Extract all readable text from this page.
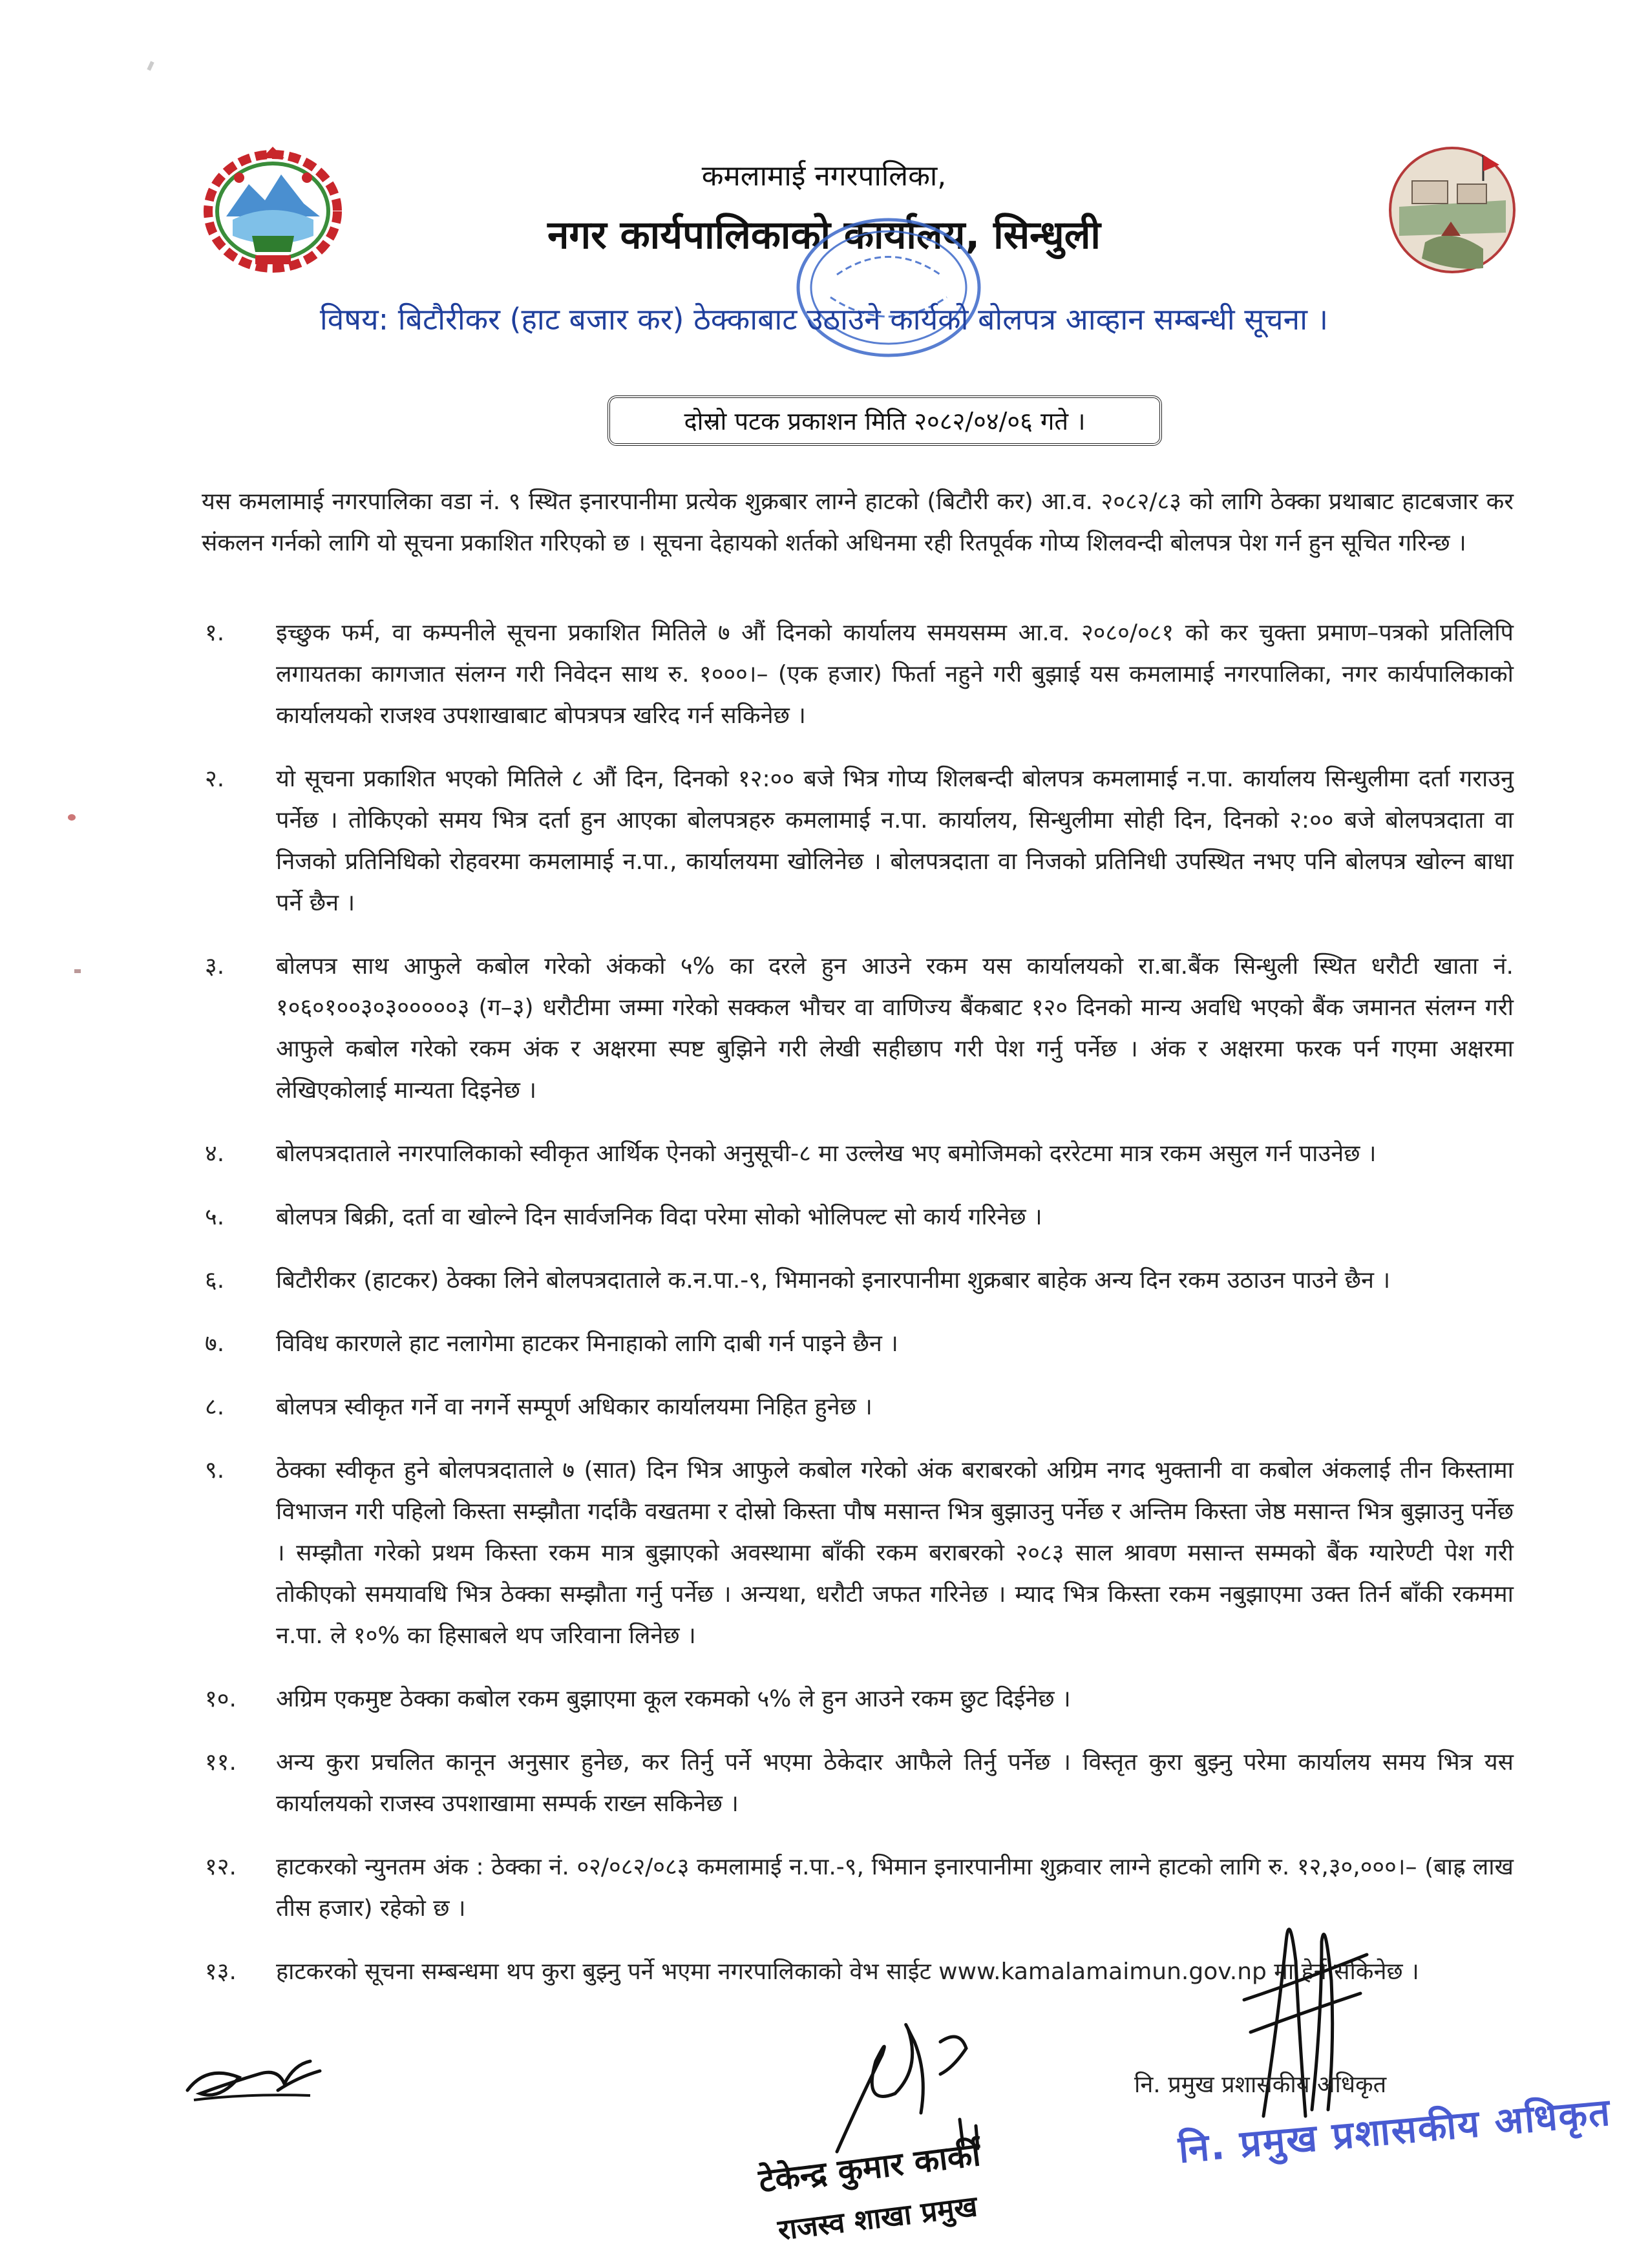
कमलामाई नगरपालिका,
नगर कार्यपालिकाको कार्यालय, सिन्धुली
विषय: बिटौरीकर (हाट बजार कर) ठेक्काबाट उठाउने कार्यको बोलपत्र आव्हान सम्बन्धी सूचना ।
दोस्रो पटक प्रकाशन मिति २०८२/०४/०६ गते ।
यस कमलामाई नगरपालिका वडा नं. ९ स्थित इनारपानीमा प्रत्येक शुक्रबार लाग्ने हाटको (बिटौरी कर) आ.व. २०८२/८३ को लागि ठेक्का प्रथाबाट हाटबजार कर संकलन गर्नको लागि यो सूचना प्रकाशित गरिएको छ । सूचना देहायको शर्तको अधिनमा रही रितपूर्वक गोप्य शिलवन्दी बोलपत्र पेश गर्न हुन सूचित गरिन्छ ।
१.	इच्छुक फर्म, वा कम्पनीले सूचना प्रकाशित मितिले ७ औं दिनको कार्यालय समयसम्म आ.व. २०८०/०८१ को कर चुक्ता प्रमाण–पत्रको प्रतिलिपि लगायतका कागजात संलग्न गरी निवेदन साथ रु. १०००।– (एक हजार) फिर्ता नहुने गरी बुझाई यस कमलामाई नगरपालिका, नगर कार्यपालिकाको कार्यालयको राजश्व उपशाखाबाट बोपत्रपत्र खरिद गर्न सकिनेछ ।
२.	यो सूचना प्रकाशित भएको मितिले ८ औं दिन, दिनको १२:०० बजे भित्र गोप्य शिलबन्दी बोलपत्र कमलामाई न.पा. कार्यालय सिन्धुलीमा दर्ता गराउनु पर्नेछ । तोकिएको समय भित्र दर्ता हुन आएका बोलपत्रहरु कमलामाई न.पा. कार्यालय, सिन्धुलीमा सोही दिन, दिनको २:०० बजे बोलपत्रदाता वा निजको प्रतिनिधिको रोहवरमा कमलामाई न.पा., कार्यालयमा खोलिनेछ । बोलपत्रदाता वा निजको प्रतिनिधी उपस्थित नभए पनि बोलपत्र खोल्न बाधा पर्ने छैन ।
३.	बोलपत्र साथ आफुले कबोल गरेको अंकको ५% का दरले हुन आउने रकम यस कार्यालयको रा.बा.बैंक सिन्धुली स्थित धरौटी खाता नं. १०६०१००३०३०००००३ (ग–३) धरौटीमा जम्मा गरेको सक्कल भौचर वा वाणिज्य बैंकबाट १२० दिनको मान्य अवधि भएको बैंक जमानत संलग्न गरी आफुले कबोल गरेको रकम अंक र अक्षरमा स्पष्ट बुझिने गरी लेखी सहीछाप गरी पेश गर्नु पर्नेछ । अंक र अक्षरमा फरक पर्न गएमा अक्षरमा लेखिएकोलाई मान्यता दिइनेछ ।
४.	बोलपत्रदाताले नगरपालिकाको स्वीकृत आर्थिक ऐनको अनुसूची-८ मा उल्लेख भए बमोजिमको दररेटमा मात्र रकम असुल गर्न पाउनेछ ।
५.	बोलपत्र बिक्री, दर्ता वा खोल्ने दिन सार्वजनिक विदा परेमा सोको भोलिपल्ट सो कार्य गरिनेछ ।
६.	बिटौरीकर (हाटकर) ठेक्का लिने बोलपत्रदाताले क.न.पा.-९, भिमानको इनारपानीमा शुक्रबार बाहेक अन्य दिन रकम उठाउन पाउने छैन ।
७.	विविध कारणले हाट नलागेमा हाटकर मिनाहाको लागि दाबी गर्न पाइने छैन ।
८.	बोलपत्र स्वीकृत गर्ने वा नगर्ने सम्पूर्ण अधिकार कार्यालयमा निहित हुनेछ ।
९.	ठेक्का स्वीकृत हुने बोलपत्रदाताले ७ (सात) दिन भित्र आफुले कबोल गरेको अंक बराबरको अग्रिम नगद भुक्तानी वा कबोल अंकलाई तीन किस्तामा विभाजन गरी पहिलो किस्ता सम्झौता गर्दाकै वखतमा र दोस्रो किस्ता पौष मसान्त भित्र बुझाउनु पर्नेछ र अन्तिम किस्ता जेष्ठ मसान्त भित्र बुझाउनु पर्नेछ । सम्झौता गरेको प्रथम किस्ता रकम मात्र बुझाएको अवस्थामा बाँकी रकम बराबरको २०८३ साल श्रावण मसान्त सम्मको बैंक ग्यारेण्टी पेश गरी तोकीएको समयावधि भित्र ठेक्का सम्झौता गर्नु पर्नेछ । अन्यथा, धरौटी जफत गरिनेछ । म्याद भित्र किस्ता रकम नबुझाएमा उक्त तिर्न बाँकी रकममा न.पा. ले १०% का हिसाबले थप जरिवाना लिनेछ ।
१०.	अग्रिम एकमुष्ट ठेक्का कबोल रकम बुझाएमा कूल रकमको ५% ले हुन आउने रकम छुट दिईनेछ ।
११.	अन्य कुरा प्रचलित कानून अनुसार हुनेछ, कर तिर्नु पर्ने भएमा ठेकेदार आफैले तिर्नु पर्नेछ । विस्तृत कुरा बुझ्नु परेमा कार्यालय समय भित्र यस कार्यालयको राजस्व उपशाखामा सम्पर्क राख्न सकिनेछ ।
१२.	हाटकरको न्युनतम अंक : ठेक्का नं. ०२/०८२/०८३ कमलामाई न.पा.-९, भिमान इनारपानीमा शुक्रवार लाग्ने हाटको लागि रु. १२,३०,०००।– (बाह्र लाख तीस हजार) रहेको छ ।
१३.	हाटकरको सूचना सम्बन्धमा थप कुरा बुझ्नु पर्ने भएमा नगरपालिकाको वेभ साईट www.kamalamaimun.gov.np मा हेर्न सकिनेछ ।
टेकेन्द्र कुमार कार्की
राजस्व शाखा प्रमुख
नि. प्रमुख प्रशासकीय अधिकृत
नि. प्रमुख प्रशासकीय अधिकृत
